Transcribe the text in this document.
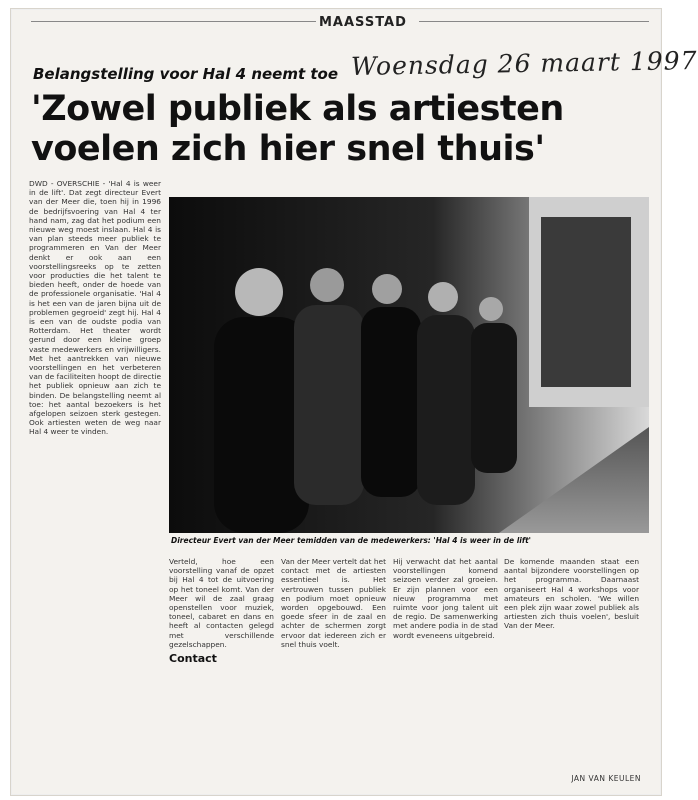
MAASSTAD
Woensdag 26 maart 1997
Belangstelling voor Hal 4 neemt toe
'Zowel publiek als artiesten voelen zich hier snel thuis'

DWD - OVERSCHIE - 'Hal 4 is weer in de lift'. Dat zegt directeur Evert van der Meer die, toen hij in 1996 de bedrijfsvoering van Hal 4 ter hand nam, zag dat het podium een nieuwe weg moest inslaan. Hal 4 is van plan steeds meer publiek te programmeren en Van der Meer denkt er ook aan een voorstellingsreeks op te zetten voor producties die het talent te bieden heeft, onder de hoede van de professionele organisatie. 'Hal 4 is het een van de jaren bijna uit de problemen gegroeid' zegt hij. Hal 4 is een van de oudste podia van Rotterdam. Het theater wordt gerund door een kleine groep vaste medewerkers en vrijwilligers. Met het aantrekken van nieuwe voorstellingen en het verbeteren van de faciliteiten hoopt de directie het publiek opnieuw aan zich te binden. De belangstelling neemt al toe: het aantal bezoekers is het afgelopen seizoen sterk gestegen. Ook artiesten weten de weg naar Hal 4 weer te vinden.

Directeur Evert van der Meer temidden van de medewerkers: 'Hal 4 is weer in de lift'

Verteld, hoe een voorstelling vanaf de opzet bij Hal 4 tot de uitvoering op het toneel komt. Van der Meer wil de zaal graag openstellen voor muziek, toneel, cabaret en dans en heeft al contacten gelegd met verschillende gezelschappen.

Contact

Van der Meer vertelt dat het contact met de artiesten essentieel is. Het vertrouwen tussen publiek en podium moet opnieuw worden opgebouwd. Een goede sfeer in de zaal en achter de schermen zorgt ervoor dat iedereen zich er snel thuis voelt.

Hij verwacht dat het aantal voorstellingen komend seizoen verder zal groeien. Er zijn plannen voor een nieuw programma met ruimte voor jong talent uit de regio. De samenwerking met andere podia in de stad wordt eveneens uitgebreid.

De komende maanden staat een aantal bijzondere voorstellingen op het programma. Daarnaast organiseert Hal 4 workshops voor amateurs en scholen. 'We willen een plek zijn waar zowel publiek als artiesten zich thuis voelen', besluit Van der Meer.

JAN VAN KEULEN
